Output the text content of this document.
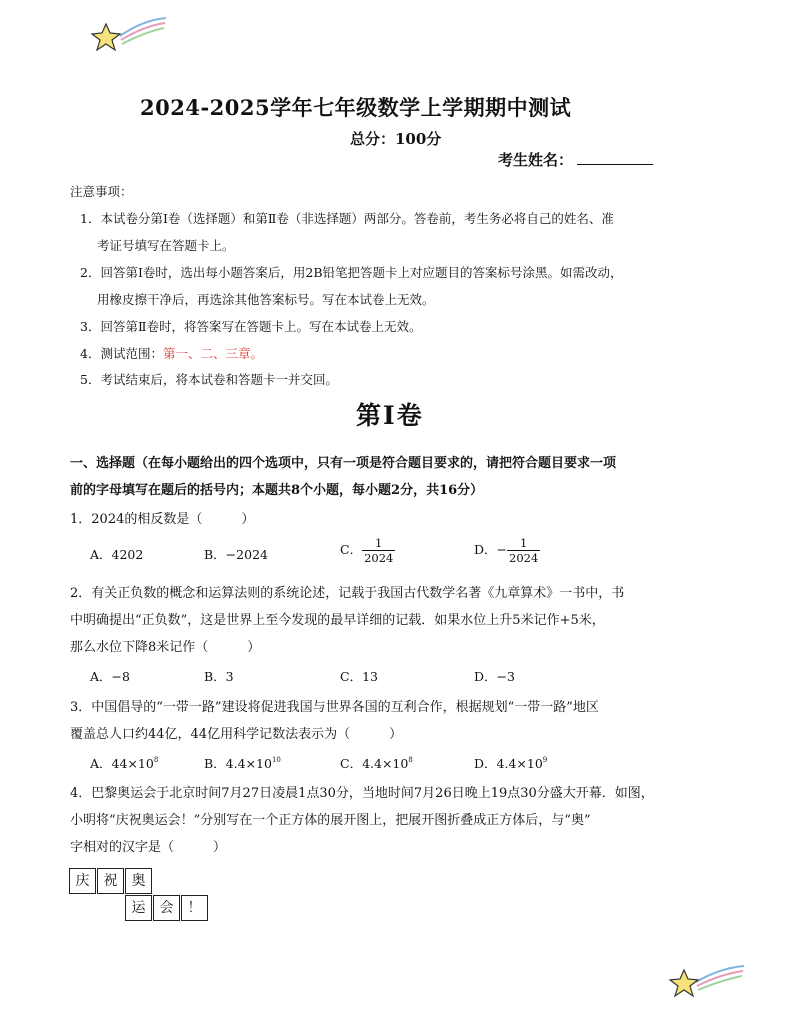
2024-2025学年七年级数学上学期期中测试
总分：100分
考生姓名：
注意事项：
1．本试卷分第Ⅰ卷（选择题）和第Ⅱ卷（非选择题）两部分。答卷前，考生务必将自己的姓名、准
考证号填写在答题卡上。
2．回答第Ⅰ卷时，选出每小题答案后，用2B铅笔把答题卡上对应题目的答案标号涂黑。如需改动，
用橡皮擦干净后，再选涂其他答案标号。写在本试卷上无效。
3．回答第Ⅱ卷时，将答案写在答题卡上。写在本试卷上无效。
4．测试范围：第一、二、三章。
5．考试结束后，将本试卷和答题卡一并交回。
第Ⅰ卷
一、选择题（在每小题给出的四个选项中，只有一项是符合题目要求的，请把符合题目要求一项
前的字母填写在题后的括号内；本题共8个小题，每小题2分，共16分）
1．2024的相反数是（　　　）
A．4202	B．−2024	C． $\frac{1}{2024}$	D．− $\frac{1}{2024}$
2．有关正负数的概念和运算法则的系统论述，记载于我国古代数学名著《九章算术》一书中，书
中明确提出“正负数”，这是世界上至今发现的最早详细的记载．如果水位上升5米记作+5米，
那么水位下降8米记作（　　　）
A．−8	B．3	C．13	D．−3
3．中国倡导的“一带一路”建设将促进我国与世界各国的互利合作，根据规划“一带一路”地区
覆盖总人口约44亿，44亿用科学记数法表示为（　　　）
A．$44\times 10^8$	B．$4.4\times 10^{10}$	C．$4.4\times 10^8$	D．$4.4\times 10^9$
4．巴黎奥运会于北京时间7月27日凌晨1点30分，当地时间7月26日晚上19点30分盛大开幕．如图，
小明将“庆祝奥运会！”分别写在一个正方体的展开图上，把展开图折叠成正方体后，与“奥”
字相对的汉字是（　　　）
庆	祝	奥
运	会	！
